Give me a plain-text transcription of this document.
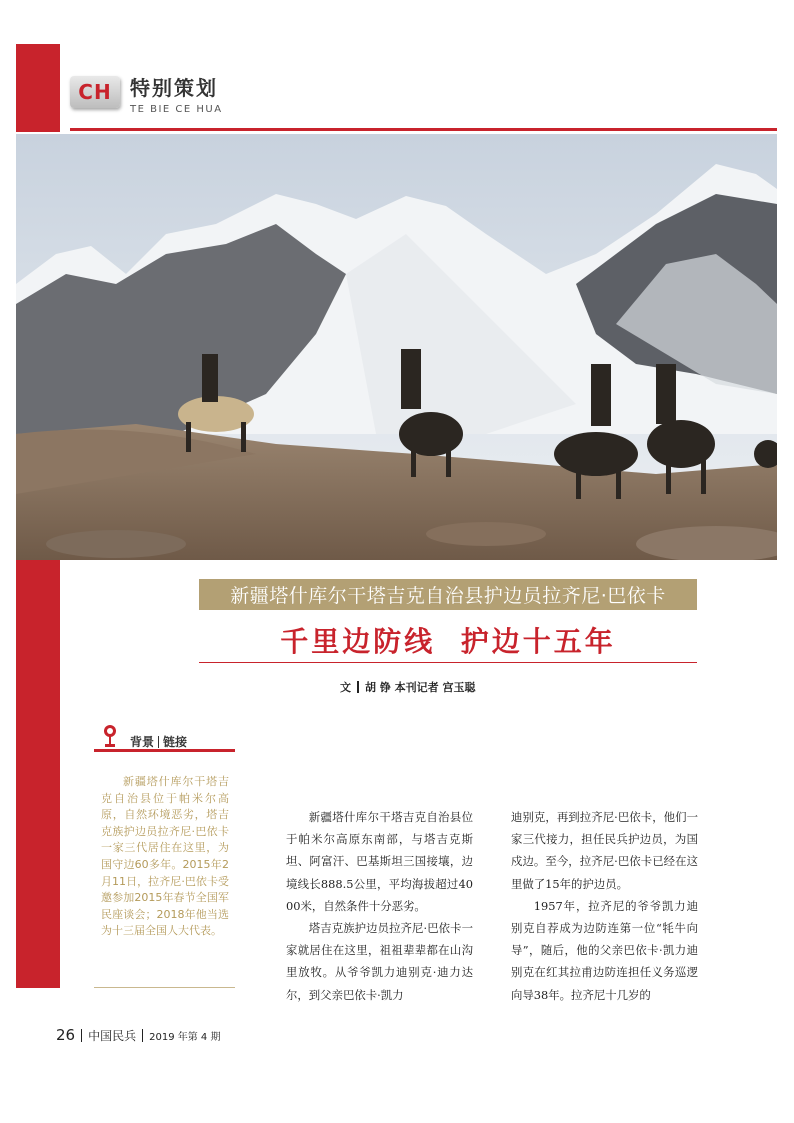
CH 特别策划
TE BIE CE HUA
新疆塔什库尔干塔吉克自治县护边员拉齐尼·巴依卡
千里边防线  护边十五年
文 胡 铮 本刊记者 宫玉聪
背景 链接
新疆塔什库尔干塔吉克自治县位于帕米尔高原，自然环境恶劣，塔吉克族护边员拉齐尼·巴依卡一家三代居住在这里，为国守边60多年。2015年2月11日，拉齐尼·巴依卡受邀参加2015年春节全国军民座谈会；2018年他当选为十三届全国人大代表。

新疆塔什库尔干塔吉克自治县位于帕米尔高原东南部，与塔吉克斯坦、阿富汗、巴基斯坦三国接壤，边境线长888.5公里，平均海拔超过4000米，自然条件十分恶劣。

塔吉克族护边员拉齐尼·巴依卡一家就居住在这里，祖祖辈辈都在山沟里放牧。从爷爷凯力迪别克·迪力达尔，到父亲巴依卡·凯力

迪别克，再到拉齐尼·巴依卡，他们一家三代接力，担任民兵护边员，为国戍边。至今，拉齐尼·巴依卡已经在这里做了15年的护边员。

1957年，拉齐尼的爷爷凯力迪别克自荐成为边防连第一位“牦牛向导”，随后，他的父亲巴依卡·凯力迪别克在红其拉甫边防连担任义务巡逻向导38年。拉齐尼十几岁的

26 中国民兵 2019 年第 4 期
